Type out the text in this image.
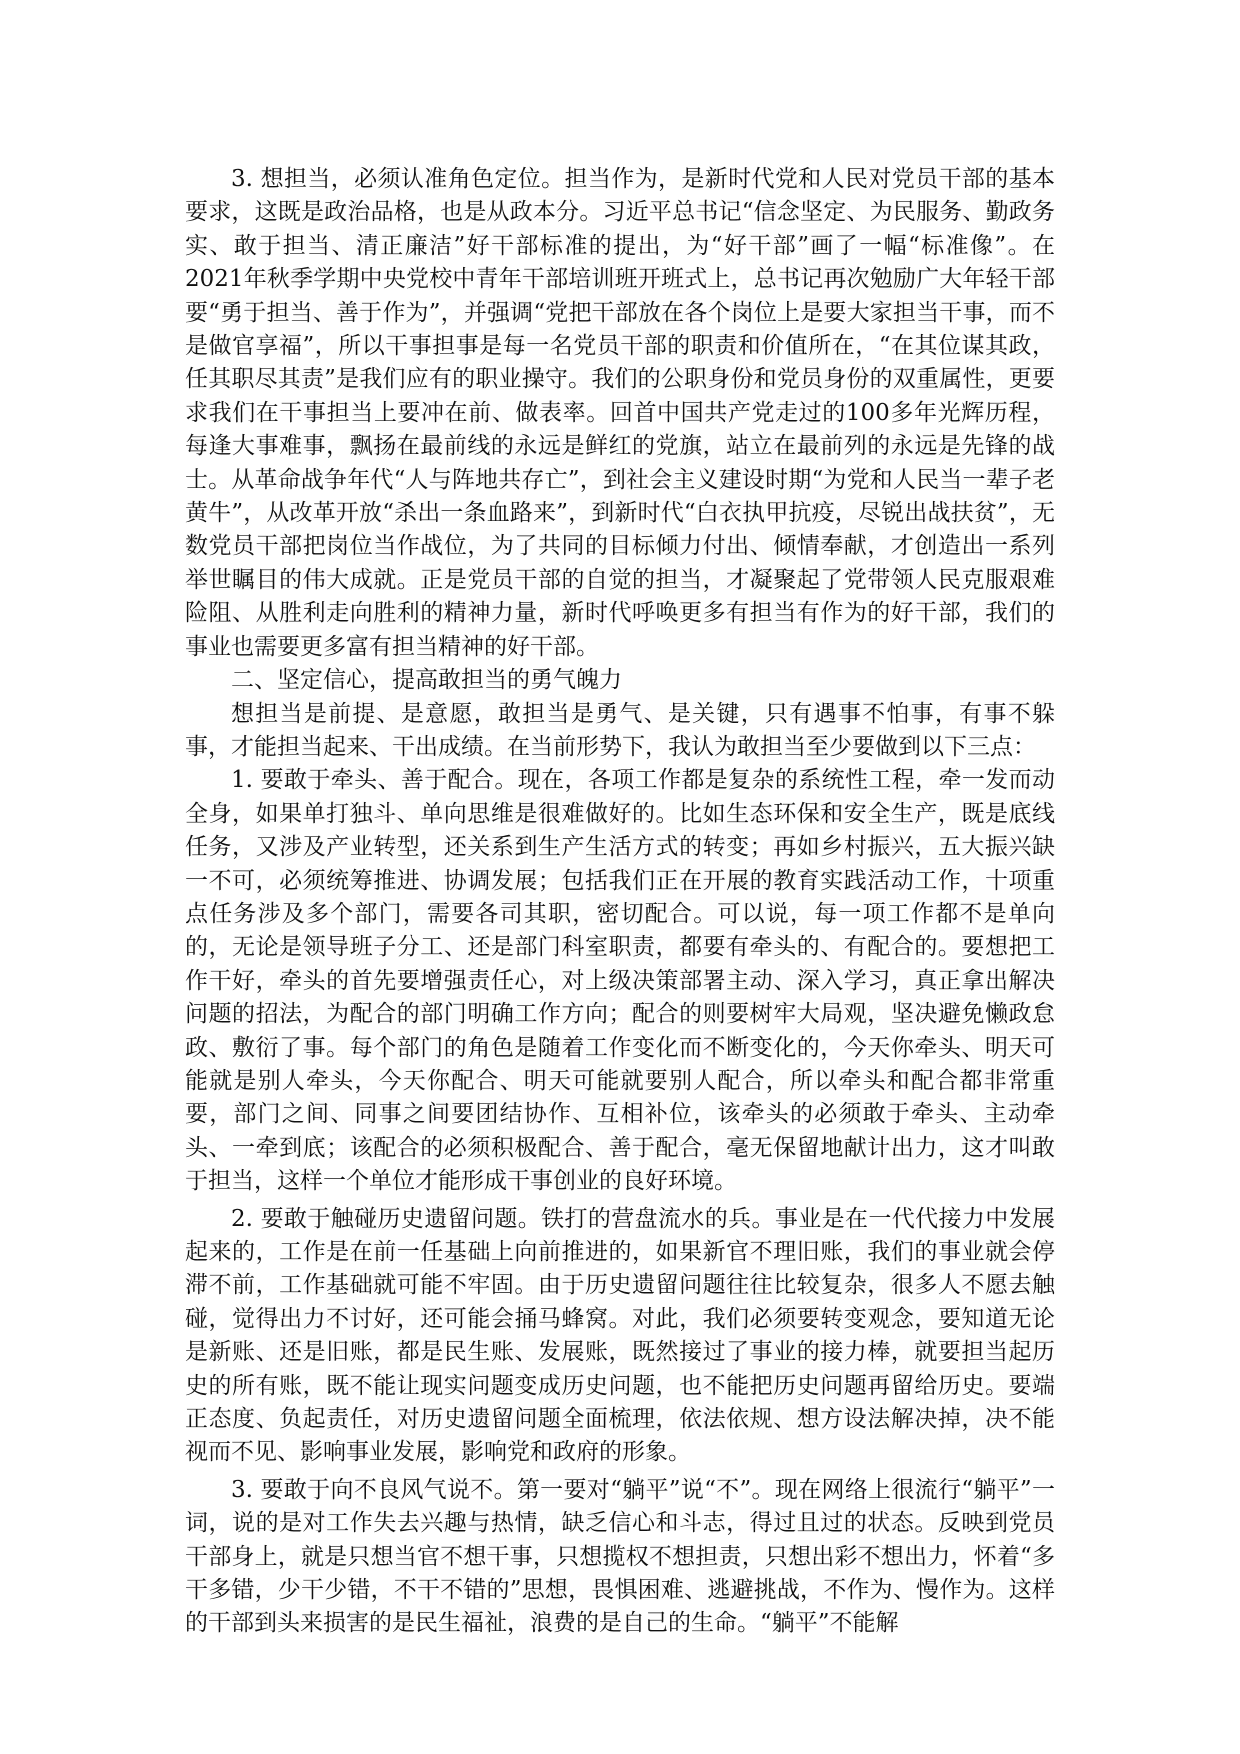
3. 想担当，必须认准角色定位。担当作为，是新时代党和人民对党员干部的基本要求，这既是政治品格，也是从政本分。习近平总书记“信念坚定、为民服务、勤政务实、敢于担当、清正廉洁”好干部标准的提出，为“好干部”画了一幅“标准像”。在2021年秋季学期中央党校中青年干部培训班开班式上，总书记再次勉励广大年轻干部要“勇于担当、善于作为”，并强调“党把干部放在各个岗位上是要大家担当干事，而不是做官享福”，所以干事担事是每一名党员干部的职责和价值所在，“在其位谋其政，任其职尽其责”是我们应有的职业操守。我们的公职身份和党员身份的双重属性，更要求我们在干事担当上要冲在前、做表率。回首中国共产党走过的100多年光辉历程，每逢大事难事，飘扬在最前线的永远是鲜红的党旗，站立在最前列的永远是先锋的战士。从革命战争年代“人与阵地共存亡”，到社会主义建设时期“为党和人民当一辈子老黄牛”，从改革开放“杀出一条血路来”，到新时代“白衣执甲抗疫，尽锐出战扶贫”，无数党员干部把岗位当作战位，为了共同的目标倾力付出、倾情奉献，才创造出一系列举世瞩目的伟大成就。正是党员干部的自觉的担当，才凝聚起了党带领人民克服艰难险阻、从胜利走向胜利的精神力量，新时代呼唤更多有担当有作为的好干部，我们的事业也需要更多富有担当精神的好干部。

二、坚定信心，提高敢担当的勇气魄力

想担当是前提、是意愿，敢担当是勇气、是关键，只有遇事不怕事，有事不躲事，才能担当起来、干出成绩。在当前形势下，我认为敢担当至少要做到以下三点：

1. 要敢于牵头、善于配合。现在，各项工作都是复杂的系统性工程，牵一发而动全身，如果单打独斗、单向思维是很难做好的。比如生态环保和安全生产，既是底线任务，又涉及产业转型，还关系到生产生活方式的转变；再如乡村振兴，五大振兴缺一不可，必须统筹推进、协调发展；包括我们正在开展的教育实践活动工作，十项重点任务涉及多个部门，需要各司其职，密切配合。可以说，每一项工作都不是单向的，无论是领导班子分工、还是部门科室职责，都要有牵头的、有配合的。要想把工作干好，牵头的首先要增强责任心，对上级决策部署主动、深入学习，真正拿出解决问题的招法，为配合的部门明确工作方向；配合的则要树牢大局观，坚决避免懒政怠政、敷衍了事。每个部门的角色是随着工作变化而不断变化的，今天你牵头、明天可能就是别人牵头，今天你配合、明天可能就要别人配合，所以牵头和配合都非常重要，部门之间、同事之间要团结协作、互相补位，该牵头的必须敢于牵头、主动牵头、一牵到底；该配合的必须积极配合、善于配合，毫无保留地献计出力，这才叫敢于担当，这样一个单位才能形成干事创业的良好环境。

2. 要敢于触碰历史遗留问题。铁打的营盘流水的兵。事业是在一代代接力中发展起来的，工作是在前一任基础上向前推进的，如果新官不理旧账，我们的事业就会停滞不前，工作基础就可能不牢固。由于历史遗留问题往往比较复杂，很多人不愿去触碰，觉得出力不讨好，还可能会捅马蜂窝。对此，我们必须要转变观念，要知道无论是新账、还是旧账，都是民生账、发展账，既然接过了事业的接力棒，就要担当起历史的所有账，既不能让现实问题变成历史问题，也不能把历史问题再留给历史。要端正态度、负起责任，对历史遗留问题全面梳理，依法依规、想方设法解决掉，决不能视而不见、影响事业发展，影响党和政府的形象。

3. 要敢于向不良风气说不。第一要对“躺平”说“不”。现在网络上很流行“躺平”一词，说的是对工作失去兴趣与热情，缺乏信心和斗志，得过且过的状态。反映到党员干部身上，就是只想当官不想干事，只想揽权不想担责，只想出彩不想出力，怀着“多干多错，少干少错，不干不错的”思想，畏惧困难、逃避挑战，不作为、慢作为。这样的干部到头来损害的是民生福祉，浪费的是自己的生命。“躺平”不能解
